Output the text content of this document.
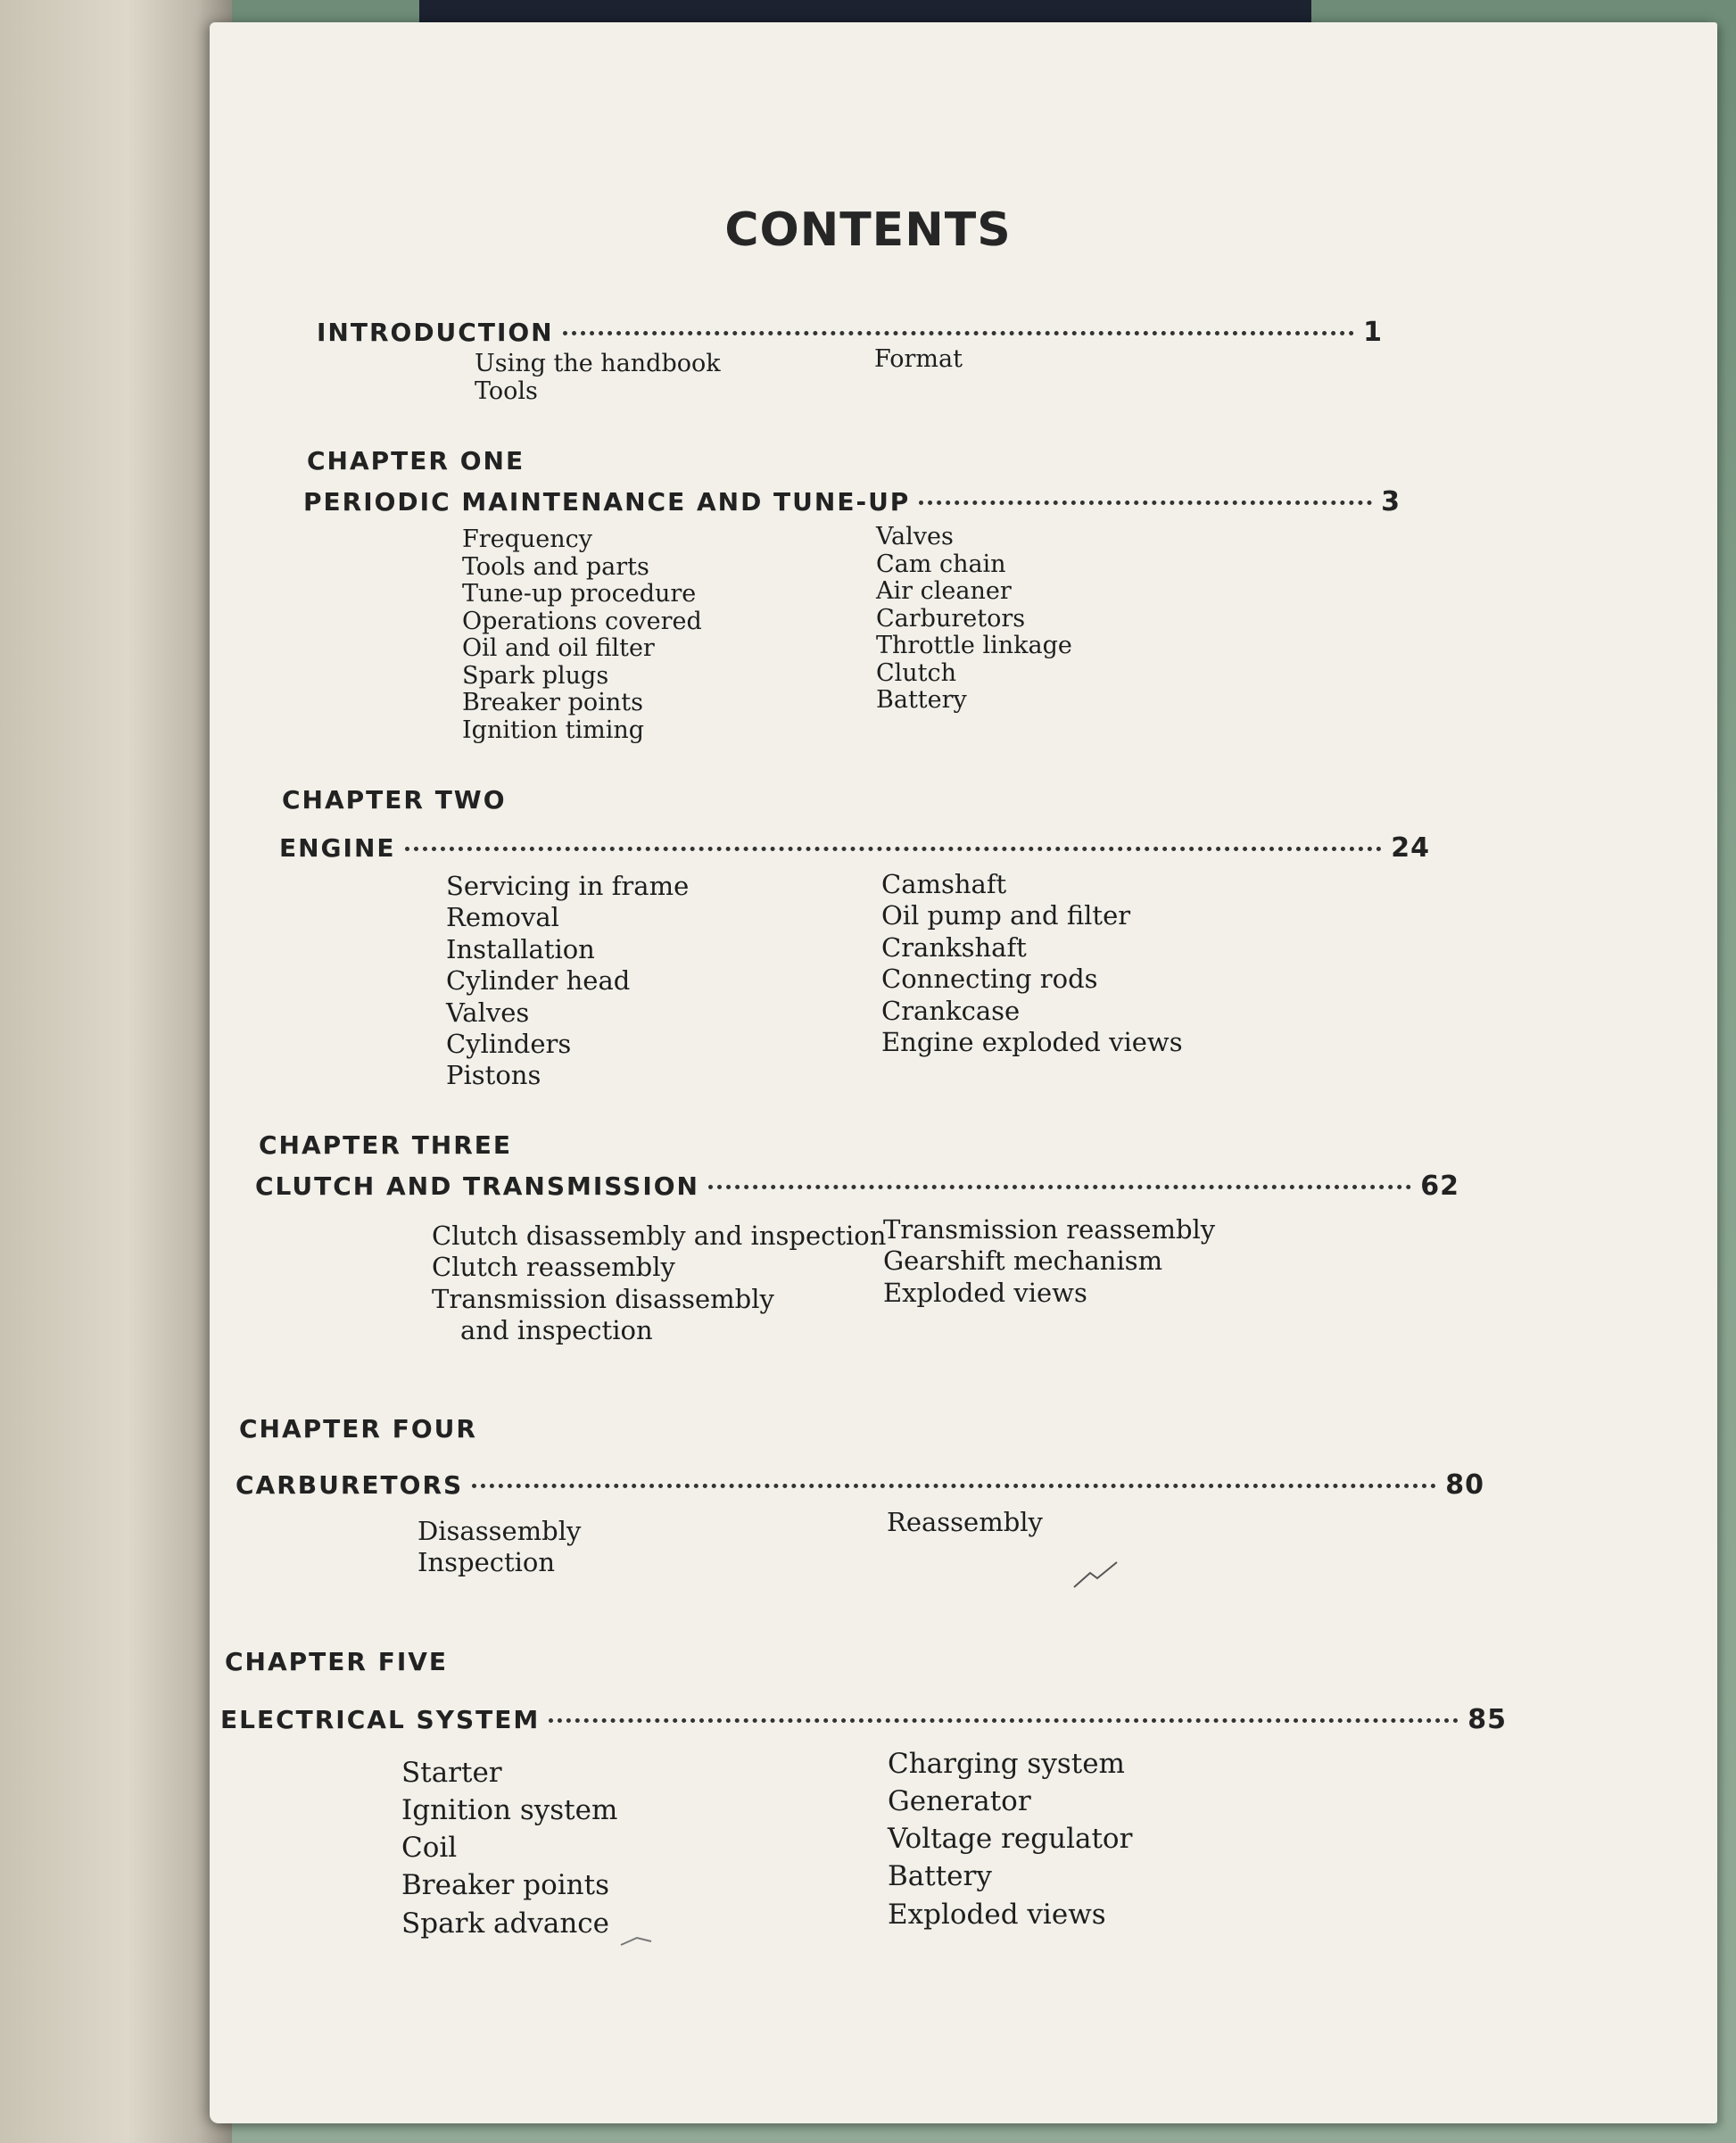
CONTENTS
INTRODUCTION	1
Using the handbook
Tools
Format
CHAPTER ONE
PERIODIC MAINTENANCE AND TUNE-UP	3
Frequency
Tools and parts
Tune-up procedure
Operations covered
Oil and oil filter
Spark plugs
Breaker points
Ignition timing
Valves
Cam chain
Air cleaner
Carburetors
Throttle linkage
Clutch
Battery
CHAPTER TWO
ENGINE	24
Servicing in frame
Removal
Installation
Cylinder head
Valves
Cylinders
Pistons
Camshaft
Oil pump and filter
Crankshaft
Connecting rods
Crankcase
Engine exploded views
CHAPTER THREE
CLUTCH AND TRANSMISSION	62
Clutch disassembly and inspection
Clutch reassembly
Transmission disassembly
and inspection
Transmission reassembly
Gearshift mechanism
Exploded views
CHAPTER FOUR
CARBURETORS	80
Disassembly
Inspection
Reassembly
CHAPTER FIVE
ELECTRICAL SYSTEM	85
Starter
Ignition system
Coil
Breaker points
Spark advance
Charging system
Generator
Voltage regulator
Battery
Exploded views
